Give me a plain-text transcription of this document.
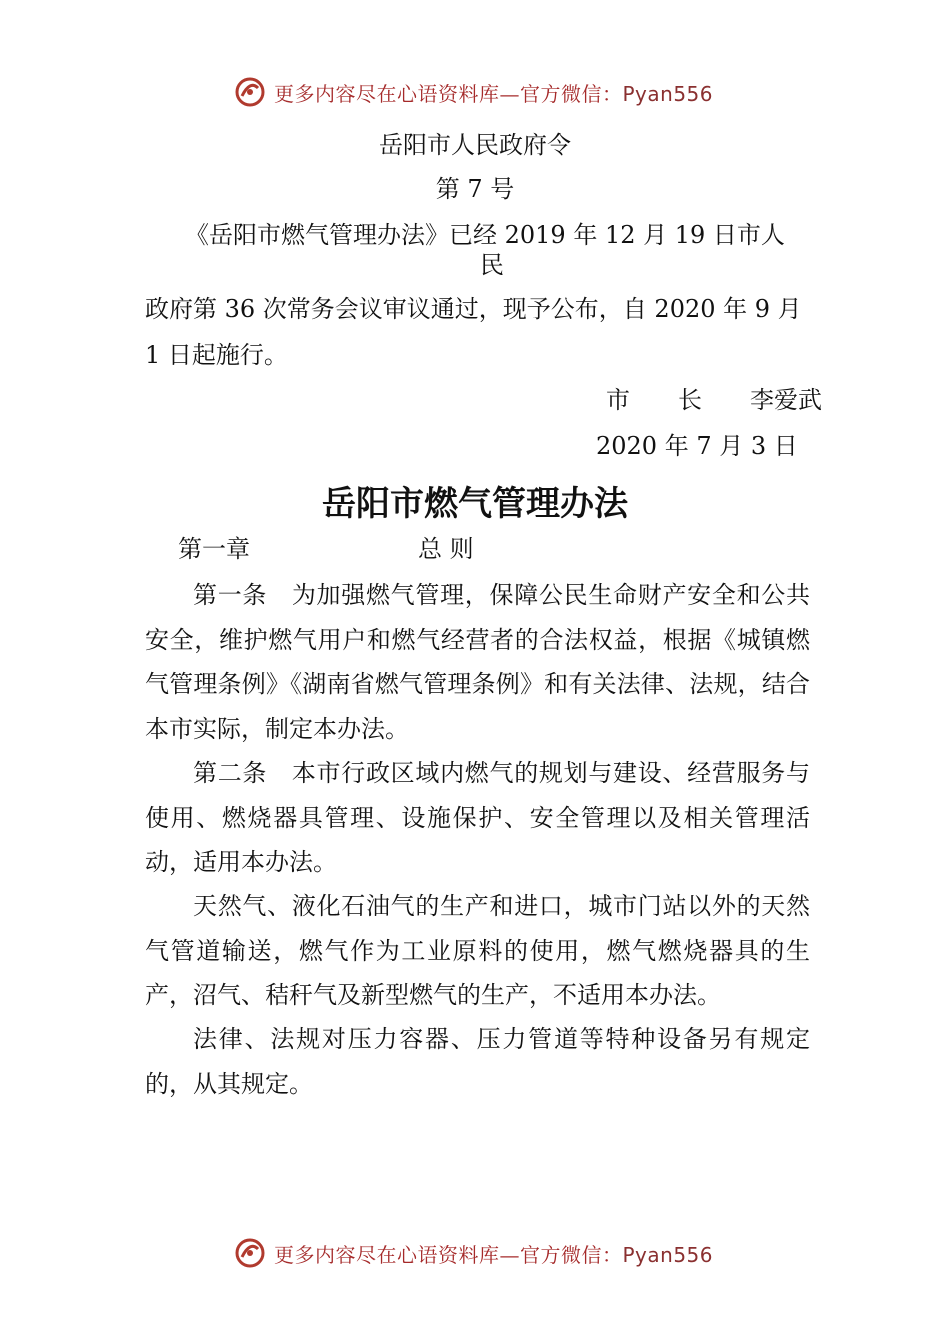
更多内容尽在心语资料库—官方微信：Pyan556
岳阳市人民政府令
第 7 号
《岳阳市燃气管理办法》已经 2019 年 12 月 19 日市人
民
政府第 36 次常务会议审议通过，现予公布，自 2020 年 9 月
1 日起施行。
市　　长　　李爱武
2020 年 7 月 3 日
岳阳市燃气管理办法
第一章　　　　　　　总 则
第一条　为加强燃气管理，保障公民生命财产安全和公共安全，维护燃气用户和燃气经营者的合法权益，根据《城镇燃气管理条例》《湖南省燃气管理条例》和有关法律、法规，结合本市实际，制定本办法。
第二条　本市行政区域内燃气的规划与建设、经营服务与使用、燃烧器具管理、设施保护、安全管理以及相关管理活动，适用本办法。
天然气、液化石油气的生产和进口，城市门站以外的天然气管道输送，燃气作为工业原料的使用，燃气燃烧器具的生产，沼气、秸秆气及新型燃气的生产，不适用本办法。
法律、法规对压力容器、压力管道等特种设备另有规定的，从其规定。
更多内容尽在心语资料库—官方微信：Pyan556
